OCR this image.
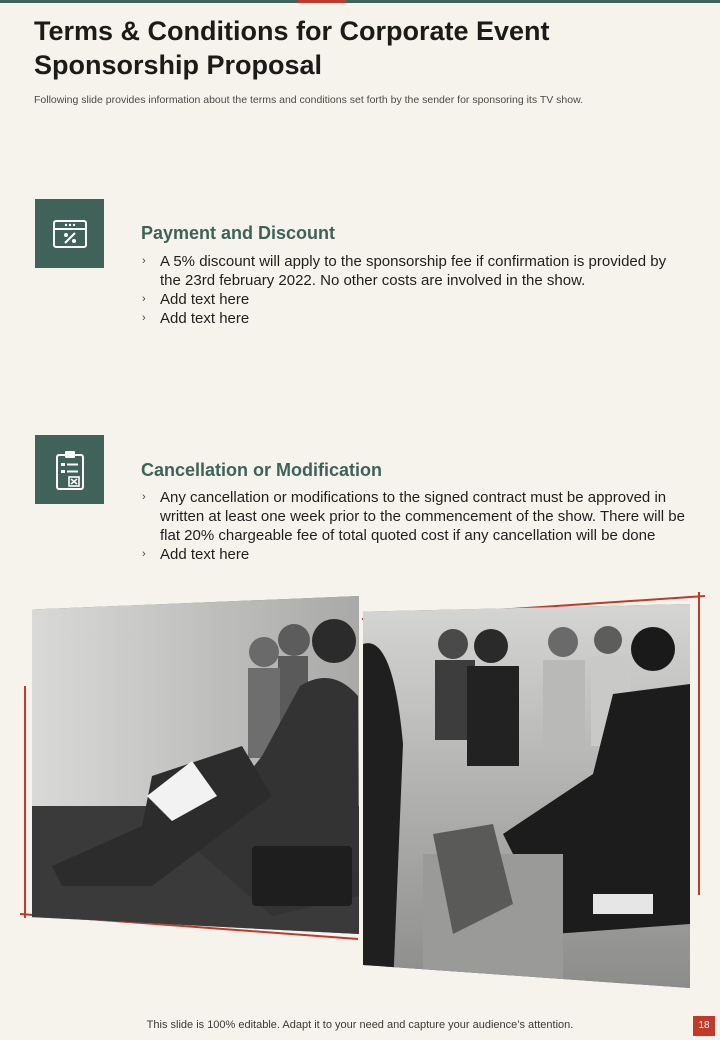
Terms & Conditions for Corporate Event Sponsorship Proposal
Following slide provides information about the terms and conditions set forth by the sender for sponsoring its TV show.
Payment and Discount
› A 5% discount will apply to the sponsorship fee if confirmation is provided by the 23rd february 2022. No other costs are involved in the show.
› Add text here
› Add text here
Cancellation or Modification
› Any cancellation or modifications to the signed contract must be approved in written at least one week prior to the commencement of the show. There will be flat 20% chargeable fee of total quoted cost if any cancellation will be done
› Add text here
This slide is 100% editable. Adapt it to your need and capture your audience’s attention.	18
